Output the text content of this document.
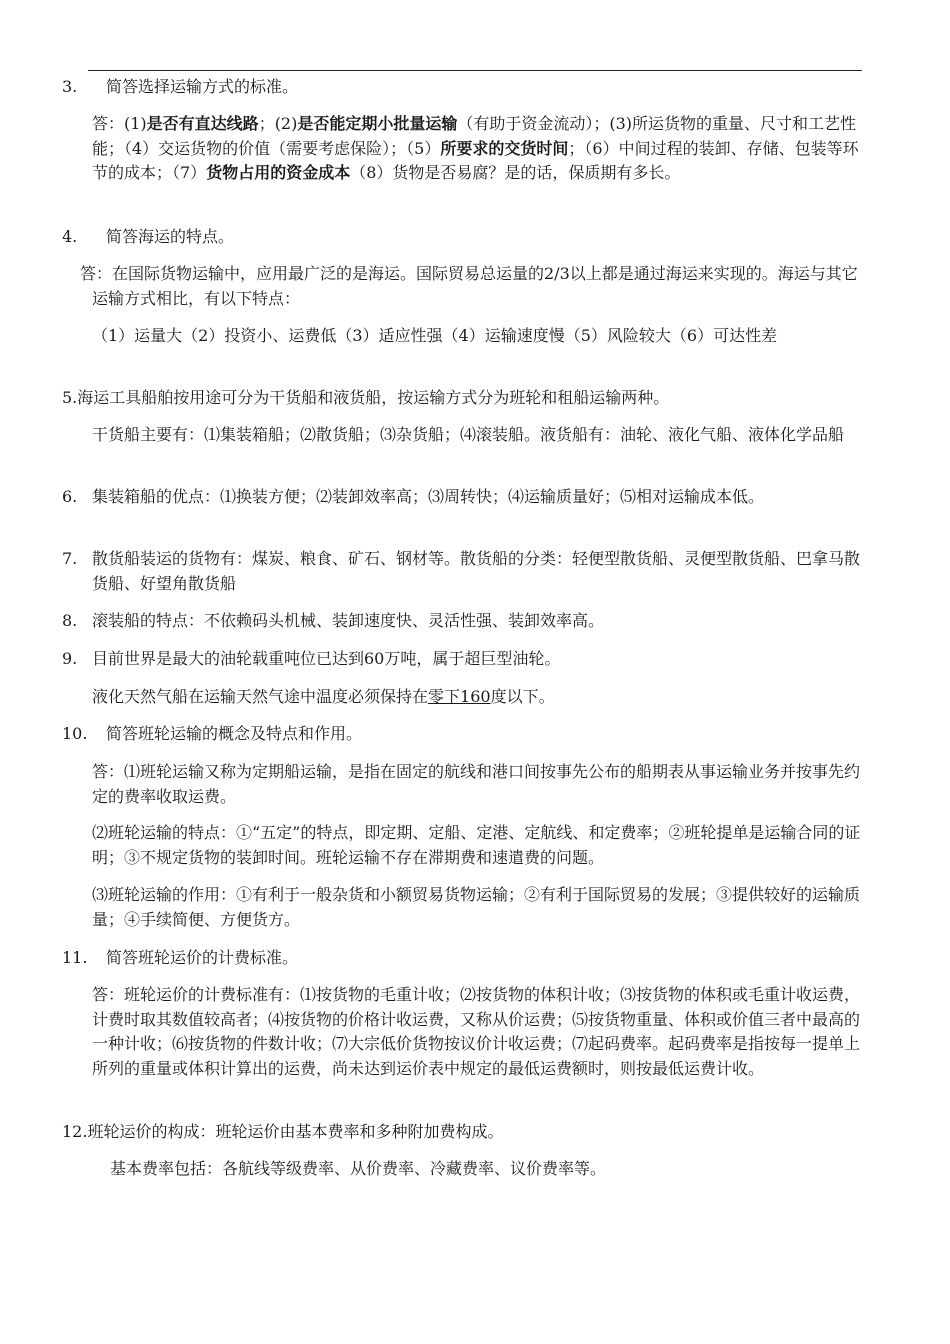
3. 简答选择运输方式的标准。
答：(1)是否有直达线路；(2)是否能定期小批量运输（有助于资金流动）；(3)所运货物的重量、尺寸和工艺性能；（4）交运货物的价值（需要考虑保险）；（5）所要求的交货时间；（6）中间过程的装卸、存储、包装等环节的成本；（7）货物占用的资金成本（8）货物是否易腐？是的话，保质期有多长。
4. 简答海运的特点。
答：在国际货物运输中，应用最广泛的是海运。国际贸易总运量的2/3以上都是通过海运来实现的。海运与其它运输方式相比，有以下特点：
（1）运量大（2）投资小、运费低（3）适应性强（4）运输速度慢（5）风险较大（6）可达性差
5.海运工具船舶按用途可分为干货船和液货船，按运输方式分为班轮和租船运输两种。
干货船主要有：⑴集装箱船；⑵散货船；⑶杂货船；⑷滚装船。液货船有：油轮、液化气船、液体化学品船
6. 集装箱船的优点：⑴换装方便；⑵装卸效率高；⑶周转快；⑷运输质量好；⑸相对运输成本低。
7. 散货船装运的货物有：煤炭、粮食、矿石、钢材等。散货船的分类：轻便型散货船、灵便型散货船、巴拿马散货船、好望角散货船
8. 滚装船的特点：不依赖码头机械、装卸速度快、灵活性强、装卸效率高。
9. 目前世界是最大的油轮载重吨位已达到60万吨，属于超巨型油轮。
液化天然气船在运输天然气途中温度必须保持在零下160度以下。
10. 简答班轮运输的概念及特点和作用。
答：⑴班轮运输又称为定期船运输，是指在固定的航线和港口间按事先公布的船期表从事运输业务并按事先约定的费率收取运费。
⑵班轮运输的特点：①“五定”的特点，即定期、定船、定港、定航线、和定费率；②班轮提单是运输合同的证明；③不规定货物的装卸时间。班轮运输不存在滞期费和速遣费的问题。
⑶班轮运输的作用：①有利于一般杂货和小额贸易货物运输；②有利于国际贸易的发展；③提供较好的运输质量；④手续简便、方便货方。
11. 简答班轮运价的计费标准。
答：班轮运价的计费标准有：⑴按货物的毛重计收；⑵按货物的体积计收；⑶按货物的体积或毛重计收运费，计费时取其数值较高者；⑷按货物的价格计收运费，又称从价运费；⑸按货物重量、体积或价值三者中最高的一种计收；⑹按货物的件数计收；⑺大宗低价货物按议价计收运费；⑺起码费率。起码费率是指按每一提单上所列的重量或体积计算出的运费，尚未达到运价表中规定的最低运费额时，则按最低运费计收。
12.班轮运价的构成：班轮运价由基本费率和多种附加费构成。
基本费率包括：各航线等级费率、从价费率、冷藏费率、议价费率等。
